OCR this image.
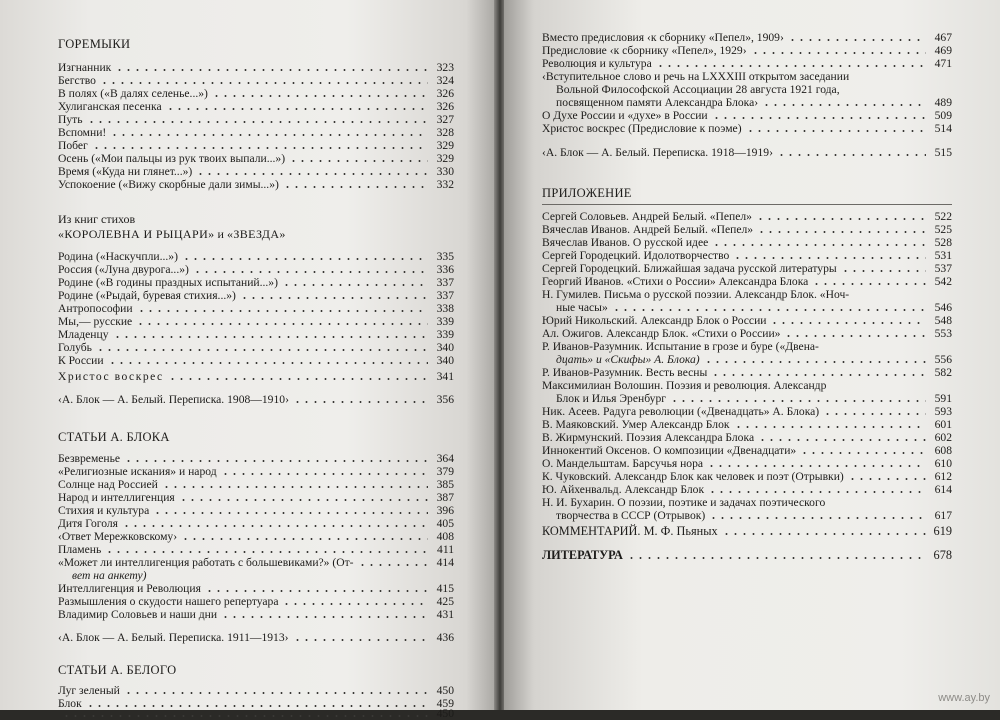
ГОРЕМЫКИ
Изгнанник	323
Бегство	324
В полях («В далях селенье...»)	326
Хулиганская песенка	326
Путь	327
Вспомни!	328
Побег	329
Осень («Мои пальцы из рук твоих выпали...»)	329
Время («Куда ни глянет...»)	330
Успокоение («Вижу скорбные дали зимы...»)	332
Из книг стихов
«КОРОЛЕВНА И РЫЦАРИ» и «ЗВЕЗДА»
Родина («Наскучпли...»)	335
Россия («Луна двурога...»)	336
Родине («В годины праздных испытаний...»)	337
Родине («Рыдай, буревая стихия...»)	337
Антропософии	338
Мы,— русские	339
Младенцу	339
Голубь	340
К России	340
Христос воскрес	341
‹А. Блок — А. Белый. Переписка. 1908—1910›	356
СТАТЬИ А. БЛОКА
Безвременье	364
«Религиозные искания» и народ	379
Солнце над Россией	385
Народ и интеллигенция	387
Стихия и культура	396
Дитя Гоголя	405
‹Ответ Мережковскому›	408
Пламень	411
«Может ли интеллигенция работать с большевиками?» (От-	414
вет на анкету)
Интеллигенция и Революция	415
Размышления о скудости нашего репертуара	425
Владимир Соловьев и наши дни	431
‹А. Блок — А. Белый. Переписка. 1911—1913›	436
СТАТЬИ А. БЕЛОГО
Луг зеленый	450
Блок	459
450
Вместо предисловия ‹к сборнику «Пепел», 1909›	467
Предисловие ‹к сборнику «Пепел», 1929›	469
Революция и культура	471
‹Вступительное слово и речь на LXXXIII открытом заседании
Вольной Философской Ассоциации 28 августа 1921 года,
посвященном памяти Александра Блока›	489
О Духе России и «духе» в России	509
Христос воскрес (Предисловие к поэме)	514
‹А. Блок — А. Белый. Переписка. 1918—1919›	515
ПРИЛОЖЕНИЕ
Сергей Соловьев. Андрей Белый. «Пепел»	522
Вячеслав Иванов. Андрей Белый. «Пепел»	525
Вячеслав Иванов. О русской идее	528
Сергей Городецкий. Идолотворчество	531
Сергей Городецкий. Ближайшая задача русской литературы	537
Георгий Иванов. «Стихи о России» Александра Блока	542
Н. Гумилев. Письма о русской поэзии. Александр Блок. «Ноч-
ные часы»	546
Юрий Никольский. Александр Блок о России	548
Ал. Ожигов. Александр Блок. «Стихи о России»	553
Р. Иванов-Разумник. Испытание в грозе и буре («Двена-
дцать» и «Скифы» А. Блока)	556
Р. Иванов-Разумник. Весть весны	582
Максимилиан Волошин. Поэзия и революция. Александр
Блок и Илья Эренбург	591
Ник. Асеев. Радуга революции («Двенадцать» А. Блока)	593
В. Маяковский. Умер Александр Блок	601
В. Жирмунский. Поэзия Александра Блока	602
Иннокентий Оксенов. О композиции «Двенадцати»	608
О. Мандельштам. Барсучья нора	610
К. Чуковский. Александр Блок как человек и поэт (Отрывки)	612
Ю. Айхенвальд. Александр Блок	614
Н. И. Бухарин. О поэзии, поэтике и задачах поэтического
творчества в СССР (Отрывок)	617
КОММЕНТАРИЙ. М. Ф. Пьяных	619
ЛИТЕРАТУРА	678
www.ay.by
